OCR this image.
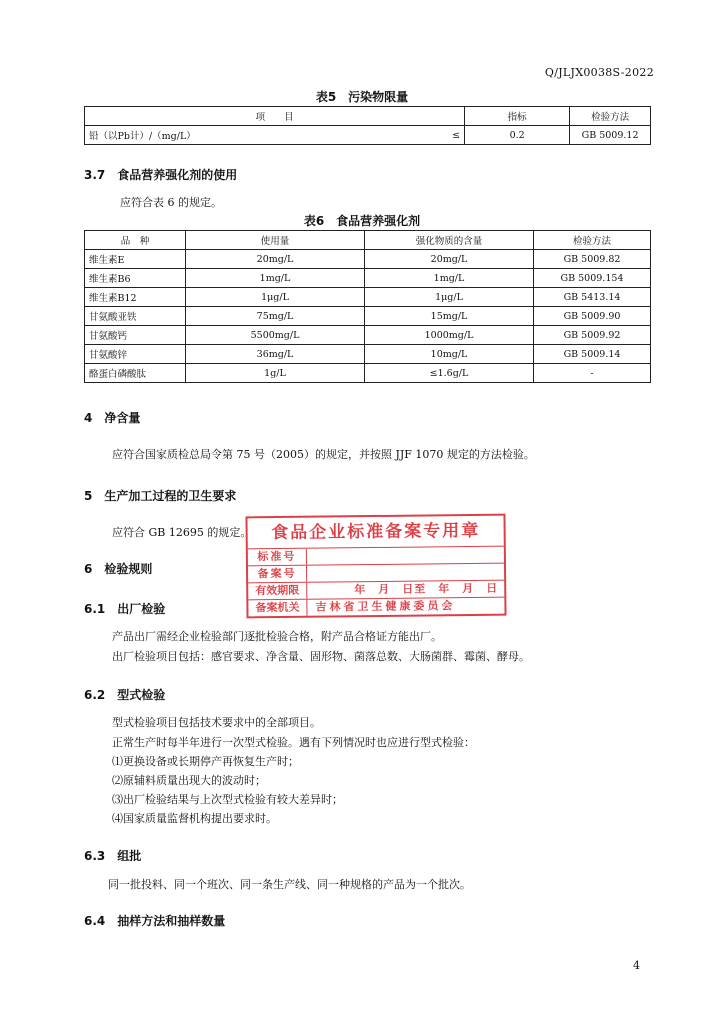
Q/JLJX0038S-2022
表5　污染物限量
项　　目		指标	检验方法
铅（以Pb计）/（mg/L）	≤	0.2	GB 5009.12
3.7　食品营养强化剂的使用
应符合表 6 的规定。
表6　食品营养强化剂
品　种	使用量	强化物质的含量	检验方法
维生素E	20mg/L	20mg/L	GB 5009.82
维生素B6	1mg/L	1mg/L	GB 5009.154
维生素B12	1μg/L	1μg/L	GB 5413.14
甘氨酸亚铁	75mg/L	15mg/L	GB 5009.90
甘氨酸钙	5500mg/L	1000mg/L	GB 5009.92
甘氨酸锌	36mg/L	10mg/L	GB 5009.14
酪蛋白磷酸肽	1g/L	≤1.6g/L	-
4　净含量
应符合国家质检总局令第 75 号（2005）的规定，并按照 JJF 1070 规定的方法检验。
5　生产加工过程的卫生要求
应符合 GB 12695 的规定。
6　检验规则
6.1　出厂检验
产品出厂需经企业检验部门逐批检验合格，附产品合格证方能出厂。
出厂检验项目包括：感官要求、净含量、固形物、菌落总数、大肠菌群、霉菌、酵母。
6.2　型式检验
型式检验项目包括技术要求中的全部项目。
正常生产时每半年进行一次型式检验。遇有下列情况时也应进行型式检验：
⑴更换设备或长期停产再恢复生产时；
⑵原辅料质量出现大的波动时；
⑶出厂检验结果与上次型式检验有较大差异时；
⑷国家质量监督机构提出要求时。
6.3　组批
同一批投料、同一个班次、同一条生产线、同一种规格的产品为一个批次。
6.4　抽样方法和抽样数量
食品企业标准备案专用章
标准号
备案号
有效期限	年　月　日至　年　月　日
备案机关	吉林省卫生健康委员会
4
